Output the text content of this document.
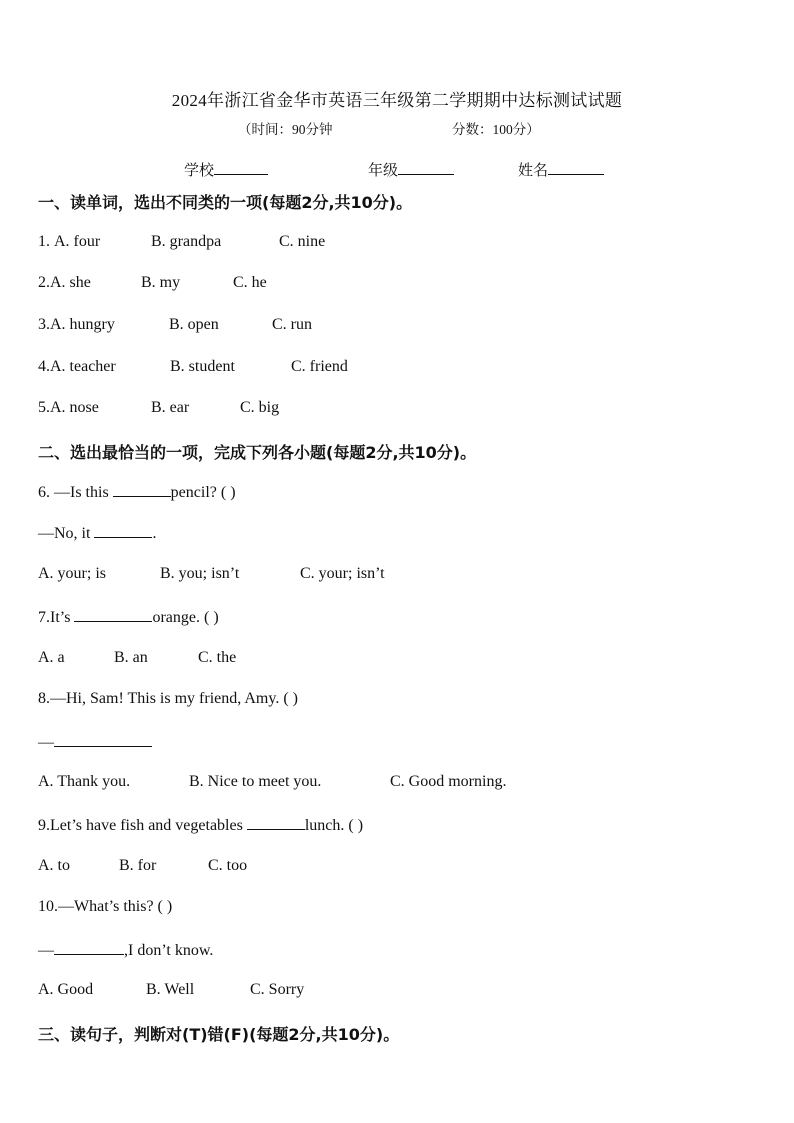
2024年浙江省金华市英语三年级第二学期期中达标测试试题
（时间：90分钟	分数：100分）
学校	年级	姓名
一、读单词，选出不同类的一项(每题2分,共10分)。
1. A. four	B. grandpa	C. nine
2.A. she	B. my	C. he
3.A. hungry	B. open	C. run
4.A. teacher	B. student	C. friend
5.A. nose	B. ear	C. big
二、选出最恰当的一项，完成下列各小题(每题2分,共10分)。
6. —Is this	pencil? ( )
—No, it	.
A. your; is	B. you; isn’t	C. your; isn’t
7.It’s	orange. ( )
A. a	B. an	C. the
8.—Hi, Sam! This is my friend, Amy. ( )
—
A. Thank you.	B. Nice to meet you.	C. Good morning.
9.Let’s have fish and vegetables	lunch. ( )
A. to	B. for	C. too
10.—What’s this? ( )
—	,I don’t know.
A. Good	B. Well	C. Sorry
三、读句子，判断对(T)错(F)(每题2分,共10分)。
